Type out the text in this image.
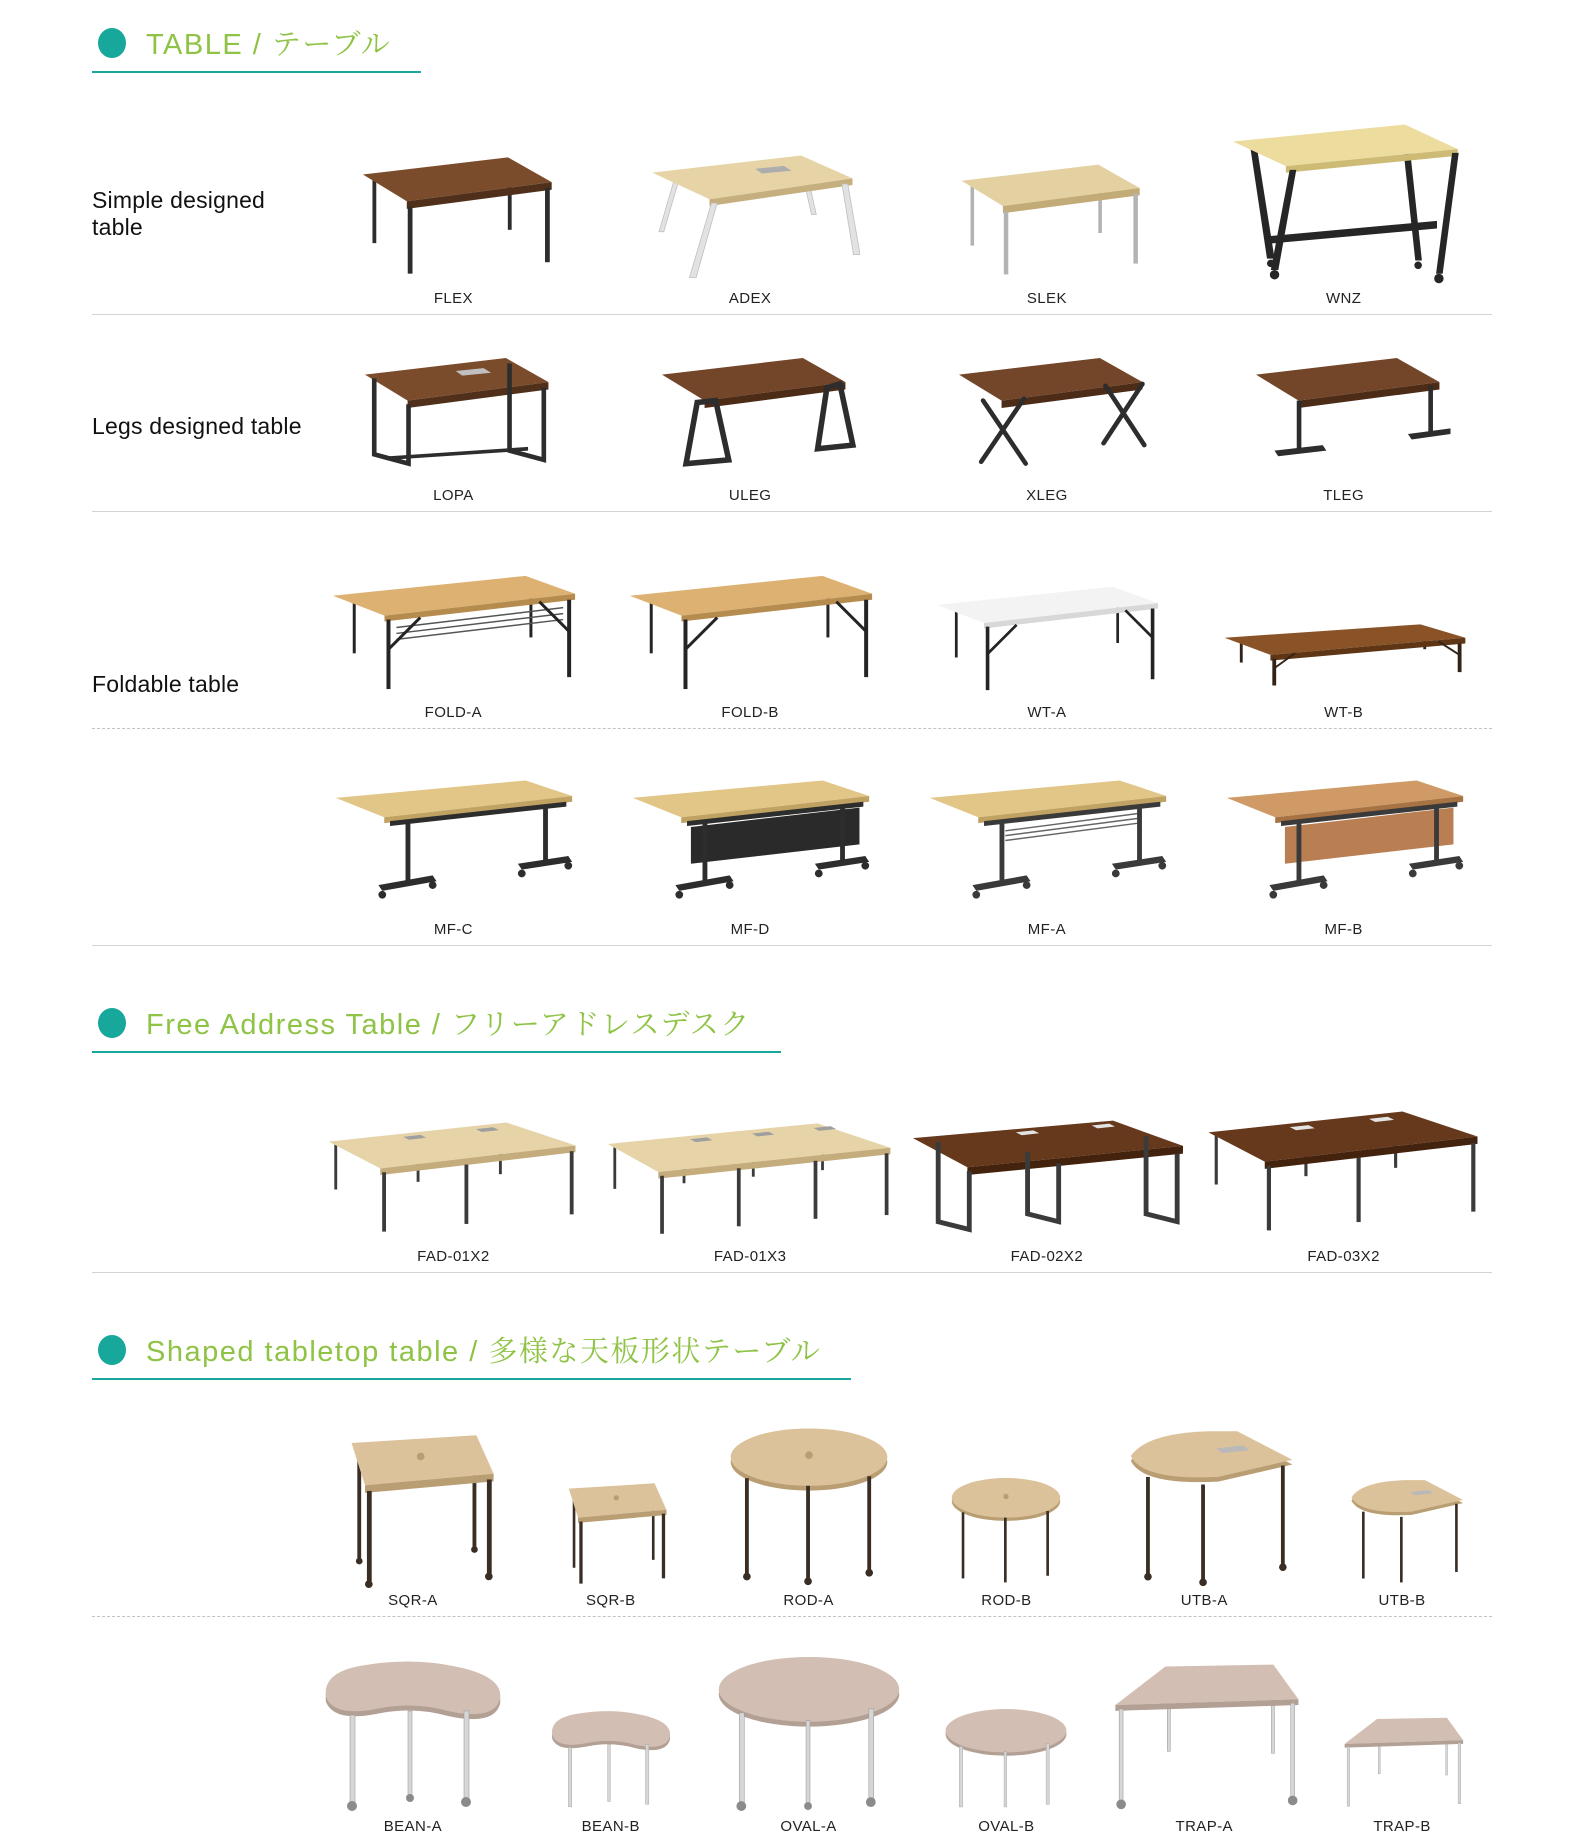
TABLE / テーブル
Simple designed table
FLEX	ADEX	SLEK	WNZ
Legs designed table
LOPA	ULEG	XLEG	TLEG
Foldable table
FOLD-A	FOLD-B	WT-A	WT-B
MF-C	MF-D	MF-A	MF-B
Free Address Table / フリーアドレスデスク
FAD-01X2	FAD-01X3	FAD-02X2	FAD-03X2
Shaped tabletop table / 多様な天板形状テーブル
SQR-A	SQR-B	ROD-A	ROD-B	UTB-A	UTB-B
BEAN-A	BEAN-B	OVAL-A	OVAL-B	TRAP-A	TRAP-B
